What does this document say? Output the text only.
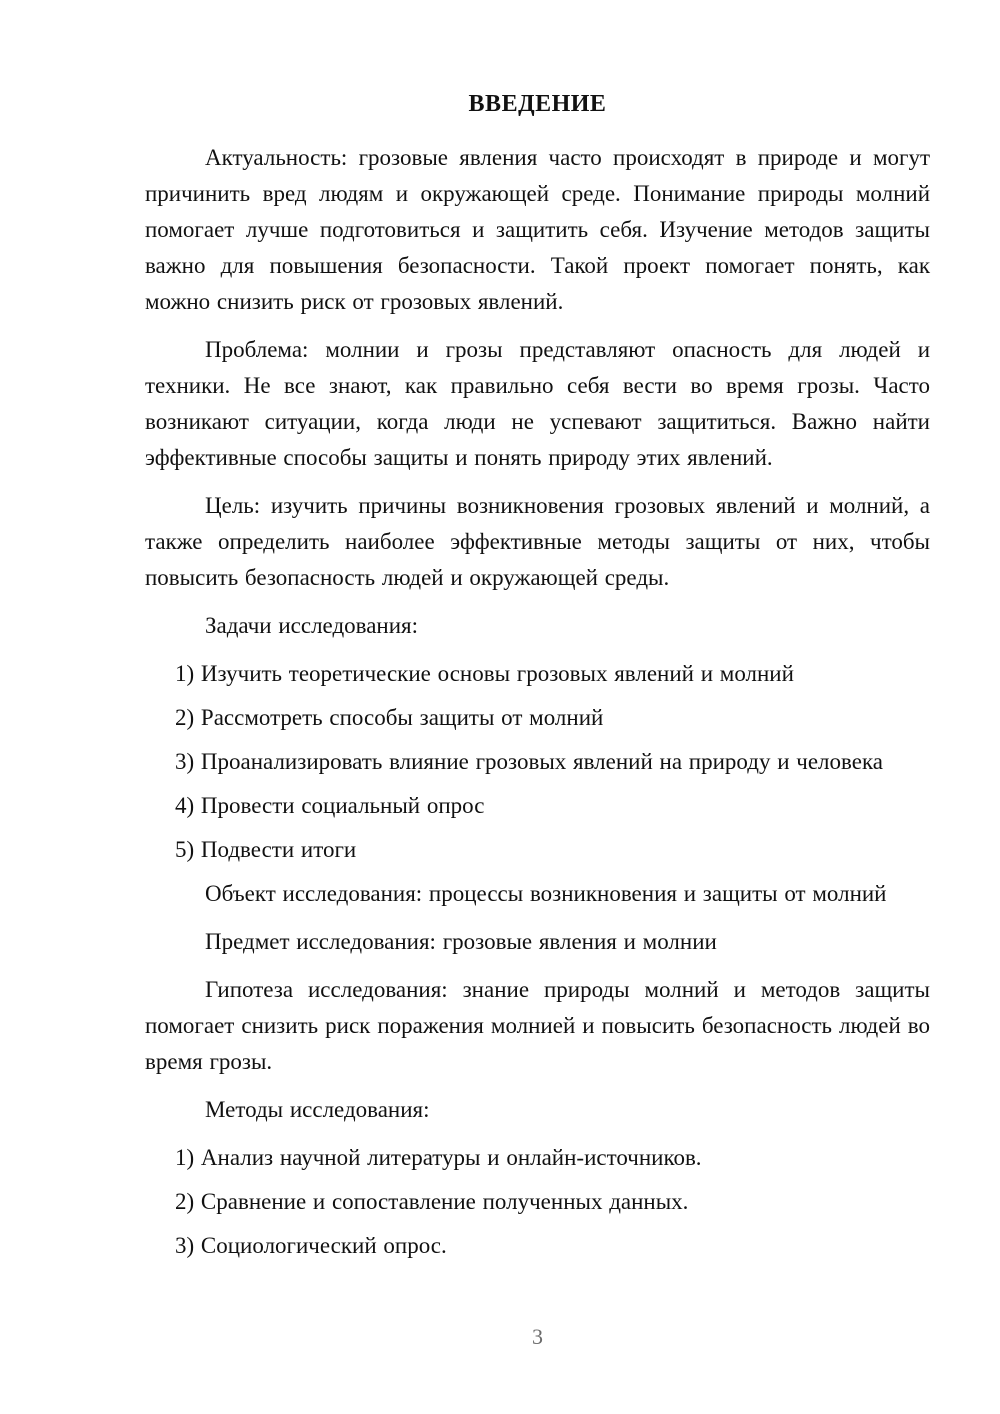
ВВЕДЕНИЕ

Актуальность: грозовые явления часто происходят в природе и могут причинить вред людям и окружающей среде. Понимание природы молний помогает лучше подготовиться и защитить себя. Изучение методов защиты важно для повышения безопасности. Такой проект помогает понять, как можно снизить риск от грозовых явлений.

Проблема: молнии и грозы представляют опасность для людей и техники. Не все знают, как правильно себя вести во время грозы. Часто возникают ситуации, когда люди не успевают защититься. Важно найти эффективные способы защиты и понять природу этих явлений.

Цель: изучить причины возникновения грозовых явлений и молний, а также определить наиболее эффективные методы защиты от них, чтобы повысить безопасность людей и окружающей среды.

Задачи исследования:

1) Изучить теоретические основы грозовых явлений и молний

2) Рассмотреть способы защиты от молний

3) Проанализировать влияние грозовых явлений на природу и человека

4) Провести социальный опрос

5) Подвести итоги

Объект исследования: процессы возникновения и защиты от молний

Предмет исследования: грозовые явления и молнии

Гипотеза исследования: знание природы молний и методов защиты помогает снизить риск поражения молнией и повысить безопасность людей во время грозы.

Методы исследования:

1) Анализ научной литературы и онлайн-источников.

2) Сравнение и сопоставление полученных данных.

3) Социологический опрос.

3
